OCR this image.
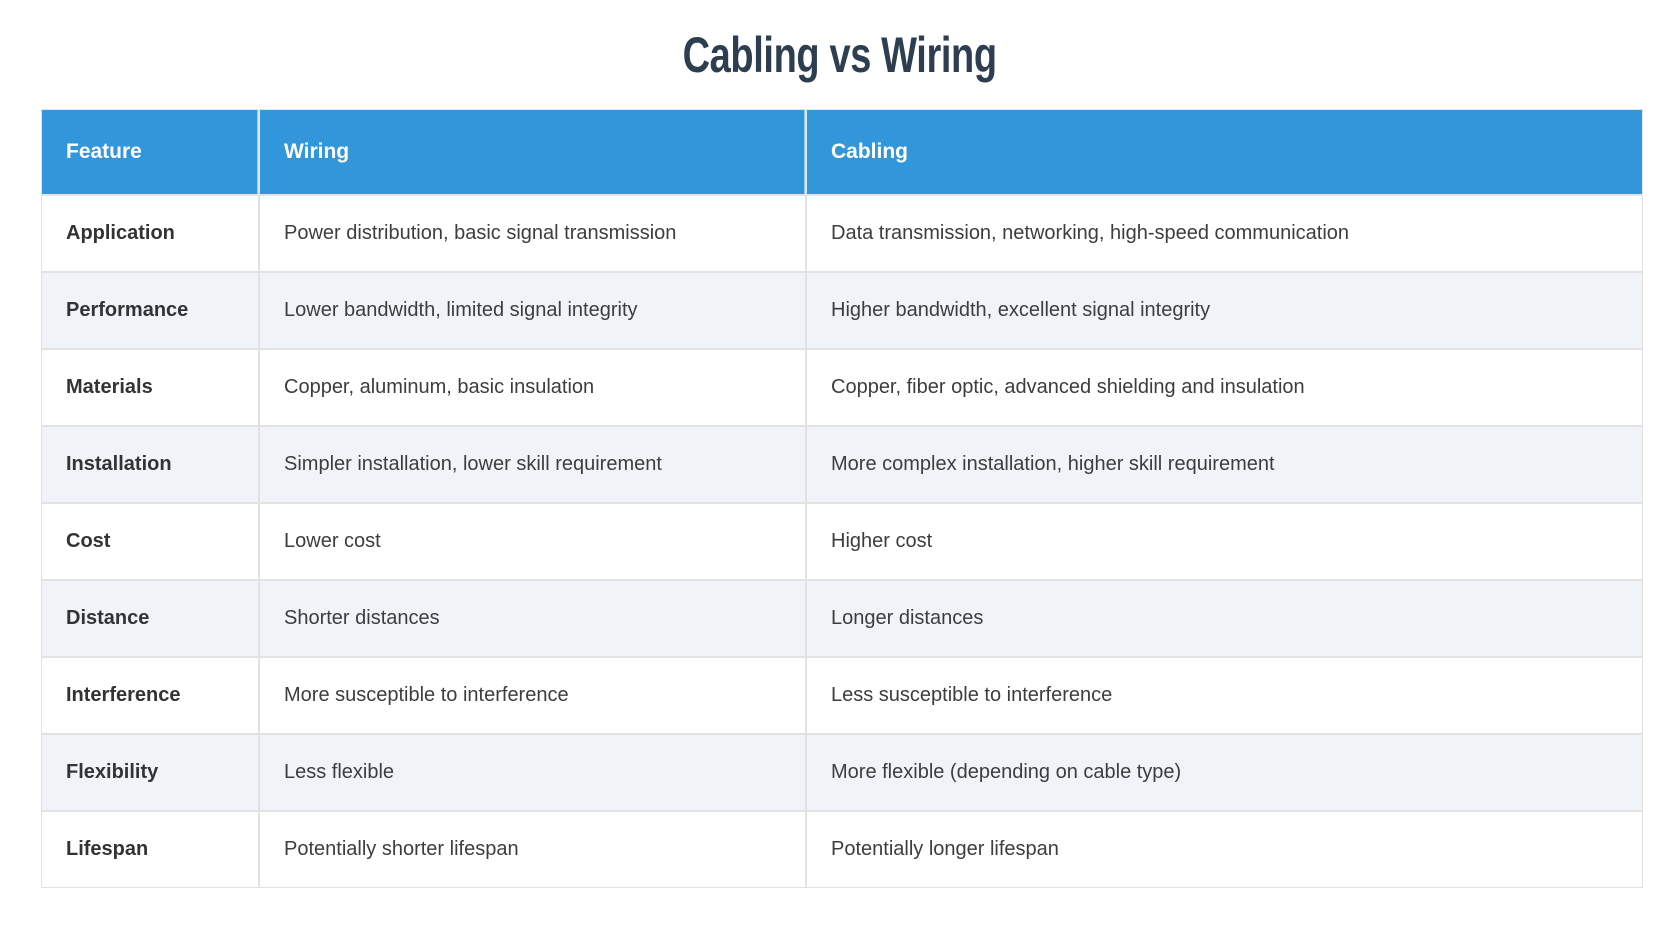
Cabling vs Wiring
Feature	Wiring	Cabling
Application	Power distribution, basic signal transmission	Data transmission, networking, high-speed communication
Performance	Lower bandwidth, limited signal integrity	Higher bandwidth, excellent signal integrity
Materials	Copper, aluminum, basic insulation	Copper, fiber optic, advanced shielding and insulation
Installation	Simpler installation, lower skill requirement	More complex installation, higher skill requirement
Cost	Lower cost	Higher cost
Distance	Shorter distances	Longer distances
Interference	More susceptible to interference	Less susceptible to interference
Flexibility	Less flexible	More flexible (depending on cable type)
Lifespan	Potentially shorter lifespan	Potentially longer lifespan
